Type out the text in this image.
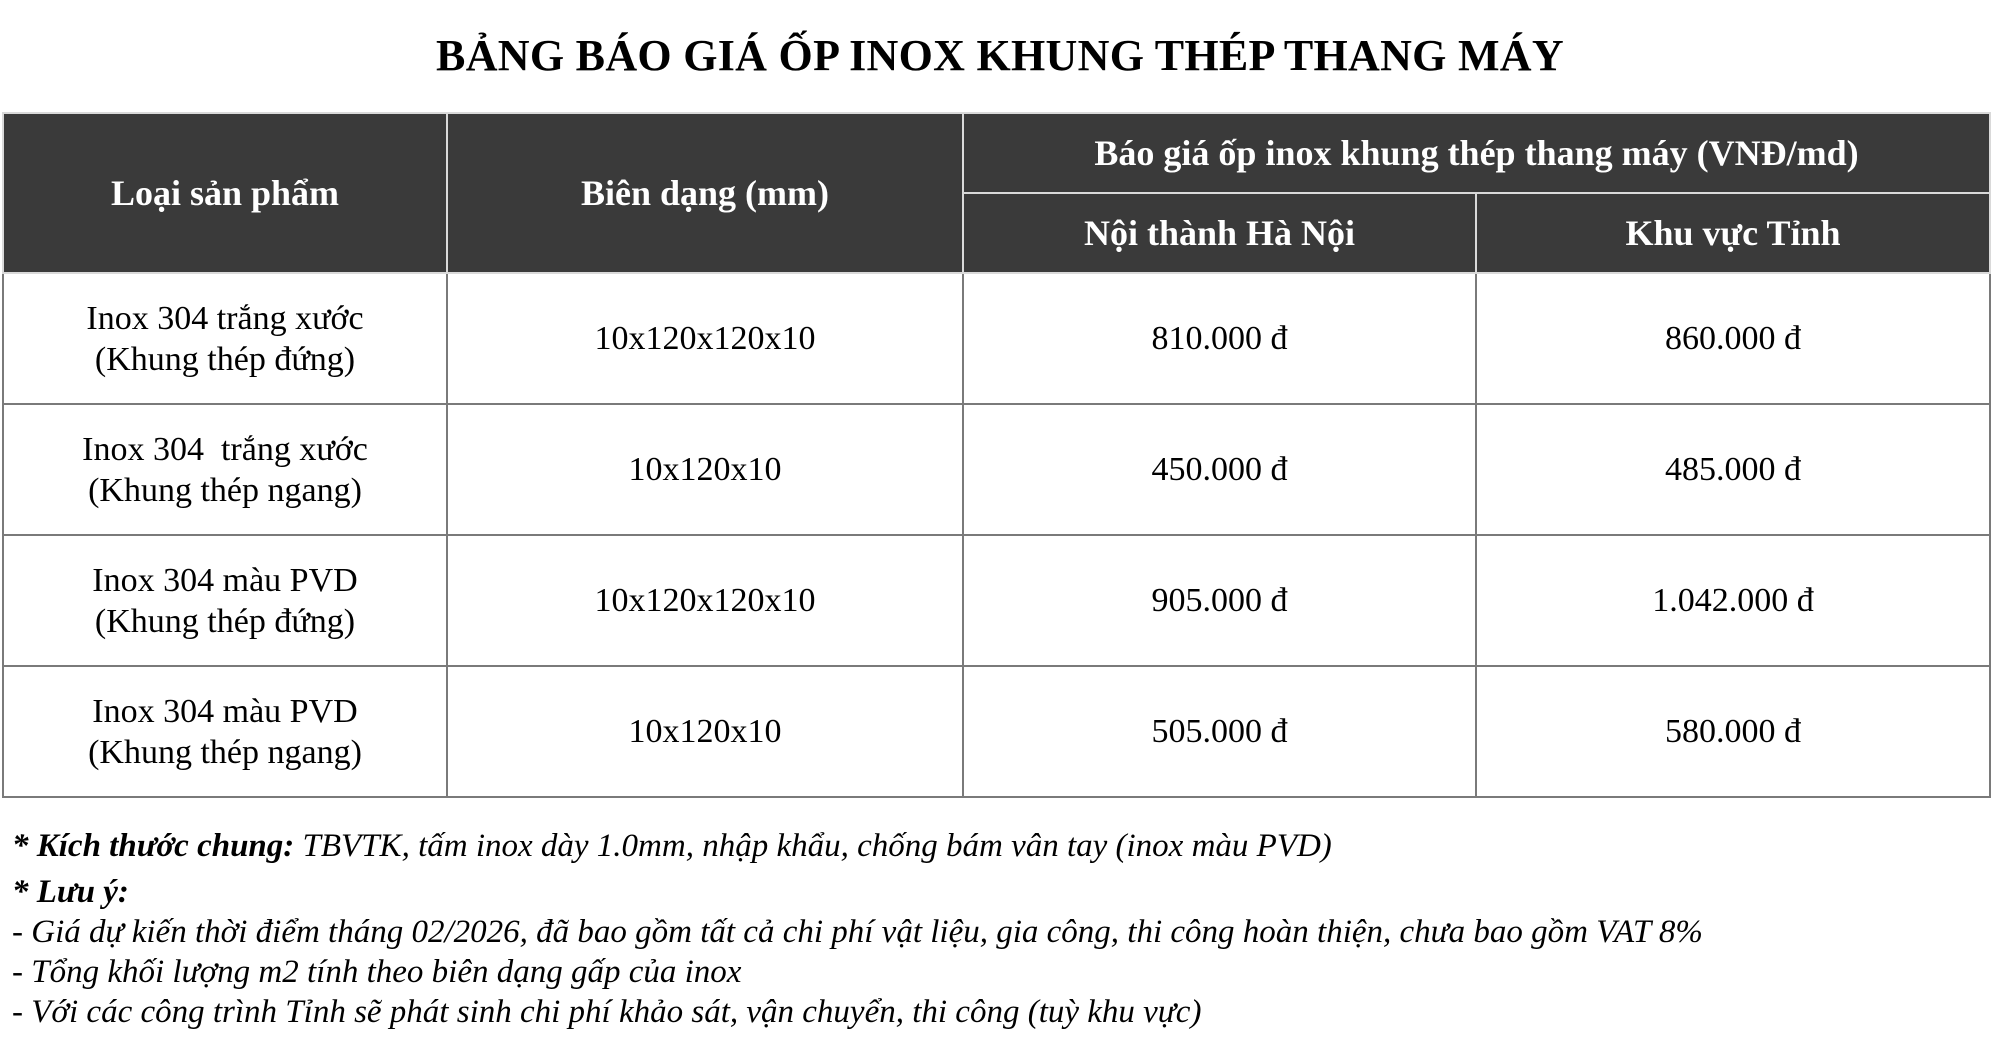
BẢNG BÁO GIÁ ỐP INOX KHUNG THÉP THANG MÁY
Loại sản phẩm	Biên dạng (mm)	Báo giá ốp inox khung thép thang máy (VNĐ/md)	
		Nội thành Hà Nội	Khu vực Tỉnh

Inox 304 trắng xước
(Khung thép đứng)	10x120x120x10	810.000 đ	860.000 đ

Inox 304  trắng xước
(Khung thép ngang)	10x120x10	450.000 đ	485.000 đ

Inox 304 màu PVD
(Khung thép đứng)	10x120x120x10	905.000 đ	1.042.000 đ

Inox 304 màu PVD
(Khung thép ngang)	10x120x10	505.000 đ	580.000 đ
* Kích thước chung: TBVTK, tấm inox dày 1.0mm, nhập khẩu, chống bám vân tay (inox màu PVD)
* Lưu ý:
- Giá dự kiến thời điểm tháng 02/2026, đã bao gồm tất cả chi phí vật liệu, gia công, thi công hoàn thiện, chưa bao gồm VAT 8%
- Tổng khối lượng m2 tính theo biên dạng gấp của inox
- Với các công trình Tỉnh sẽ phát sinh chi phí khảo sát, vận chuyển, thi công (tuỳ khu vực)
